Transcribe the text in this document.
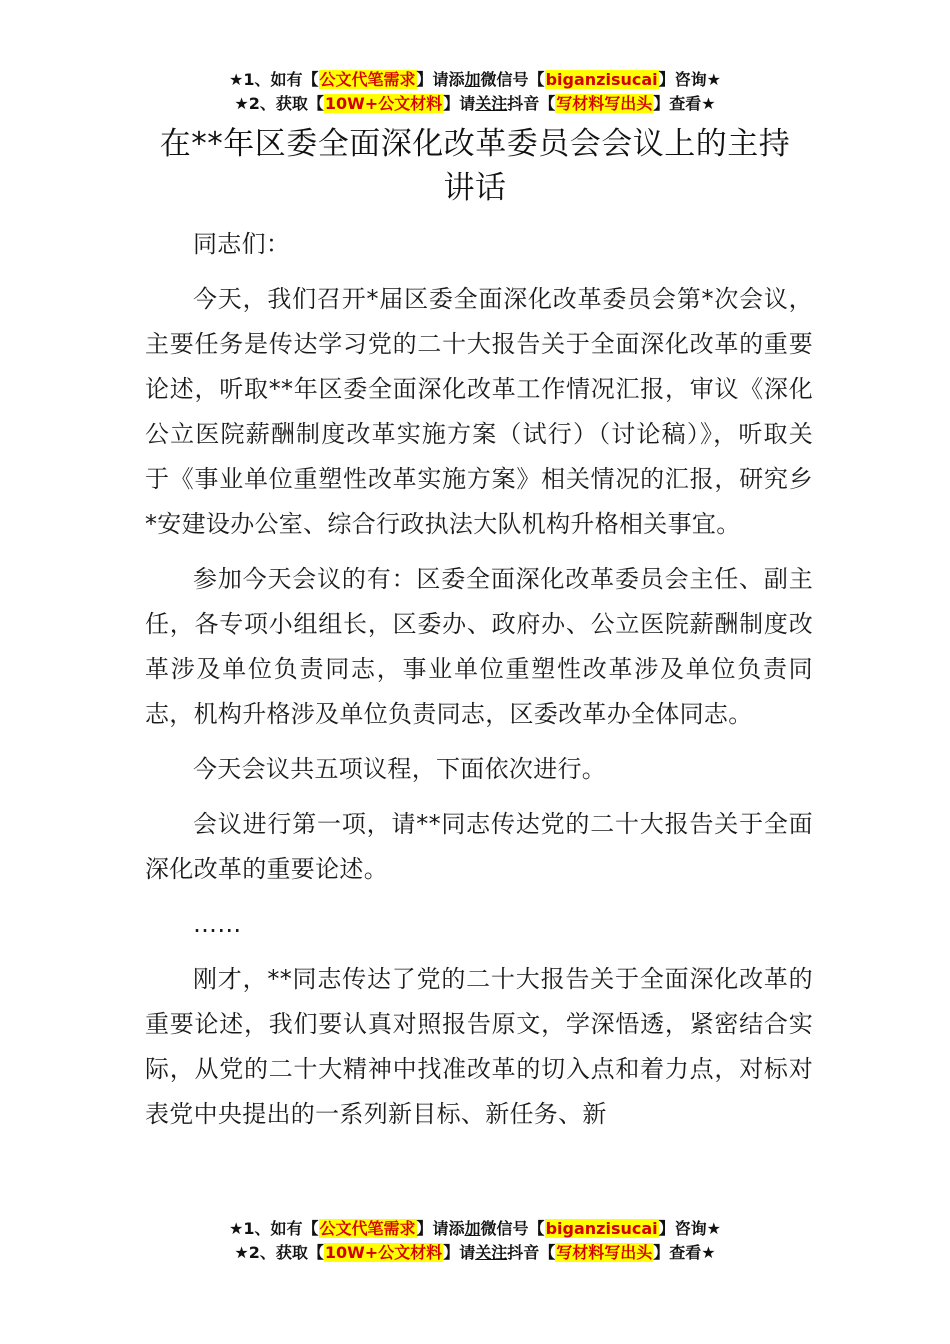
★1、如有【公文代笔需求】请添加微信号【biganzisucai】咨询★
★2、获取【10W+公文材料】请关注抖音【写材料写出头】查看★
在**年区委全面深化改革委员会会议上的主持讲话

同志们：

今天，我们召开*届区委全面深化改革委员会第*次会议，主要任务是传达学习党的二十大报告关于全面深化改革的重要论述，听取**年区委全面深化改革工作情况汇报，审议《深化公立医院薪酬制度改革实施方案（试行）（讨论稿）》，听取关于《事业单位重塑性改革实施方案》相关情况的汇报，研究乡*安建设办公室、综合行政执法大队机构升格相关事宜。

参加今天会议的有：区委全面深化改革委员会主任、副主任，各专项小组组长，区委办、政府办、公立医院薪酬制度改革涉及单位负责同志，事业单位重塑性改革涉及单位负责同志，机构升格涉及单位负责同志，区委改革办全体同志。

今天会议共五项议程，下面依次进行。

会议进行第一项，请**同志传达党的二十大报告关于全面深化改革的重要论述。

……

刚才，**同志传达了党的二十大报告关于全面深化改革的重要论述，我们要认真对照报告原文，学深悟透，紧密结合实际，从党的二十大精神中找准改革的切入点和着力点，对标对表党中央提出的一系列新目标、新任务、新

★1、如有【公文代笔需求】请添加微信号【biganzisucai】咨询★
★2、获取【10W+公文材料】请关注抖音【写材料写出头】查看★
